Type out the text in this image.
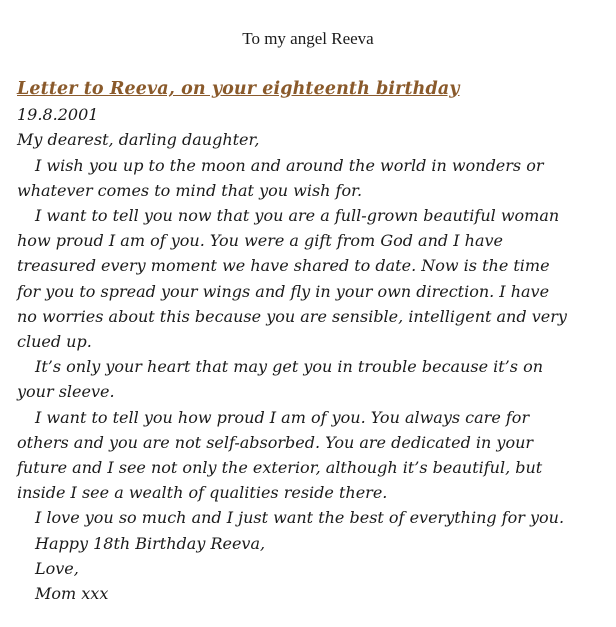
To my angel Reeva
Letter to Reeva, on your eighteenth birthday
19.8.2001
My dearest, darling daughter,
I wish you up to the moon and around the world in wonders or
whatever comes to mind that you wish for.
I want to tell you now that you are a full-grown beautiful woman
how proud I am of you. You were a gift from God and I have
treasured every moment we have shared to date. Now is the time
for you to spread your wings and fly in your own direction. I have
no worries about this because you are sensible, intelligent and very
clued up.
It’s only your heart that may get you in trouble because it’s on
your sleeve.
I want to tell you how proud I am of you. You always care for
others and you are not self-absorbed. You are dedicated in your
future and I see not only the exterior, although it’s beautiful, but
inside I see a wealth of qualities reside there.
I love you so much and I just want the best of everything for you.
Happy 18th Birthday Reeva,
Love,
Mom xxx
